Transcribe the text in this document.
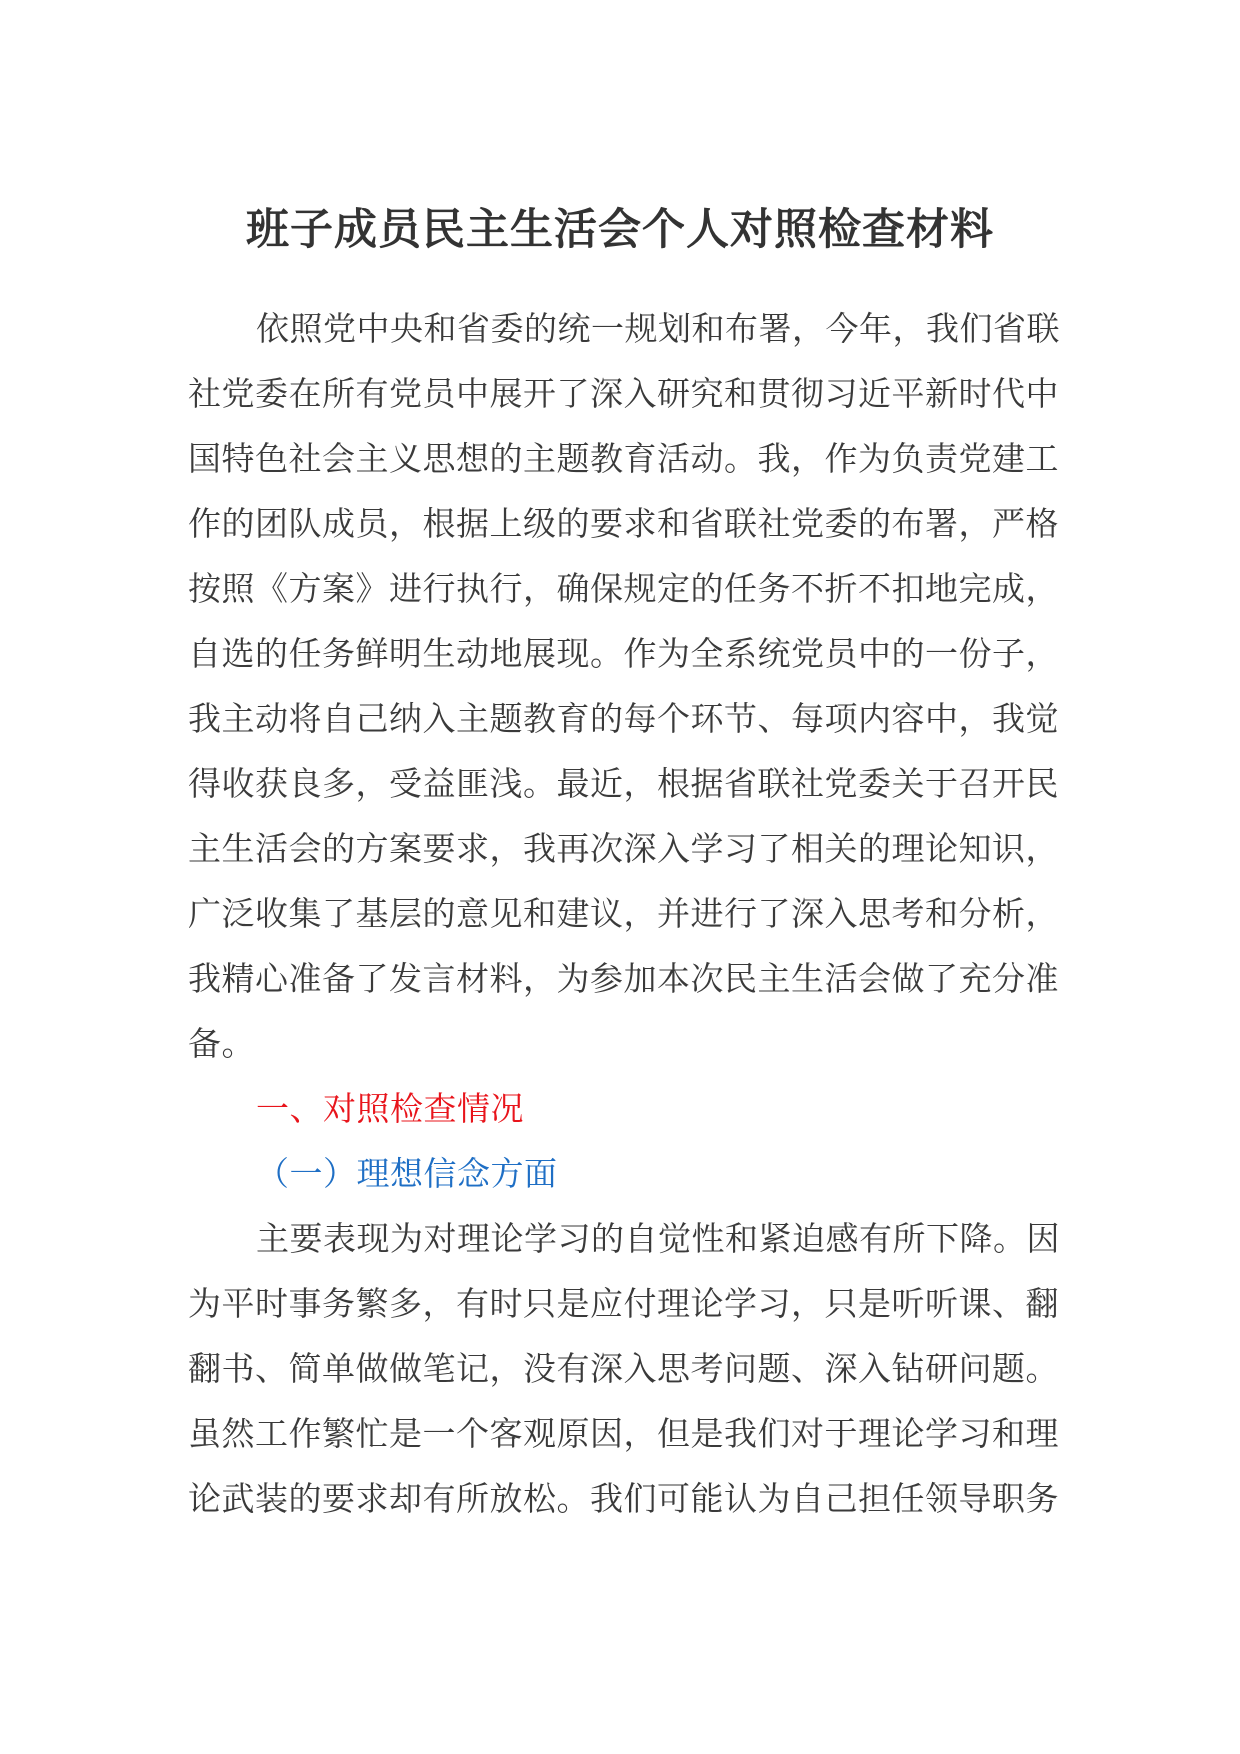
班子成员民主生活会个人对照检查材料
依照党中央和省委的统一规划和布署，今年，我们省联
社党委在所有党员中展开了深入研究和贯彻习近平新时代中
国特色社会主义思想的主题教育活动。我，作为负责党建工
作的团队成员，根据上级的要求和省联社党委的布署，严格
按照《方案》进行执行，确保规定的任务不折不扣地完成，
自选的任务鲜明生动地展现。作为全系统党员中的一份子，
我主动将自己纳入主题教育的每个环节、每项内容中，我觉
得收获良多，受益匪浅。最近，根据省联社党委关于召开民
主生活会的方案要求，我再次深入学习了相关的理论知识，
广泛收集了基层的意见和建议，并进行了深入思考和分析，
我精心准备了发言材料，为参加本次民主生活会做了充分准
备。
一、对照检查情况
（一）理想信念方面
主要表现为对理论学习的自觉性和紧迫感有所下降。因
为平时事务繁多，有时只是应付理论学习，只是听听课、翻
翻书、简单做做笔记，没有深入思考问题、深入钻研问题。
虽然工作繁忙是一个客观原因，但是我们对于理论学习和理
论武装的要求却有所放松。我们可能认为自己担任领导职务
